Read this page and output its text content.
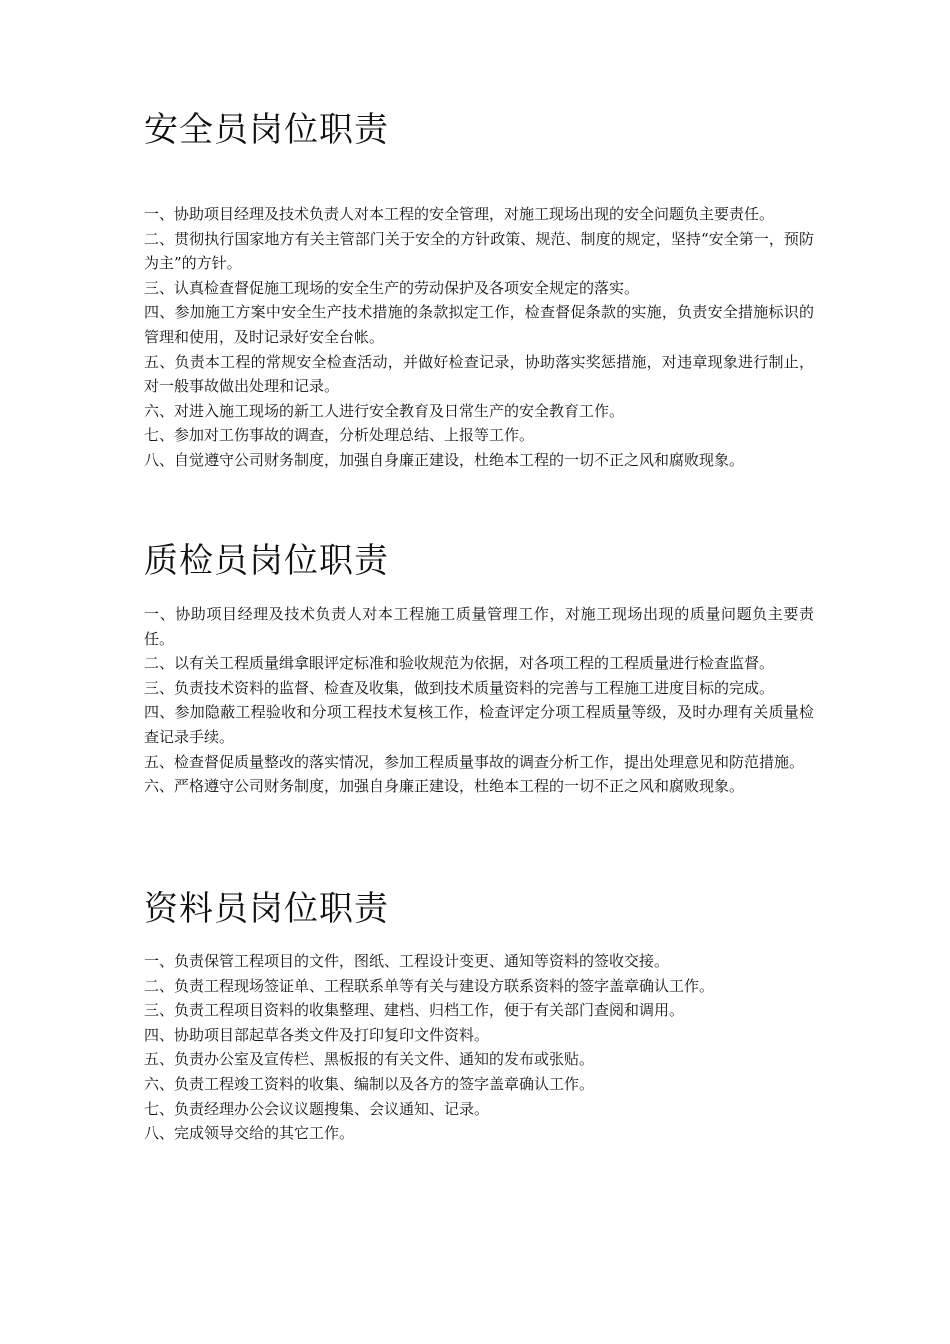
安全员岗位职责
一、协助项目经理及技术负责人对本工程的安全管理，对施工现场出现的安全问题负主要责任。
二、贯彻执行国家地方有关主管部门关于安全的方针政策、规范、制度的规定，坚持“安全第一，预防为主”的方针。
三、认真检查督促施工现场的安全生产的劳动保护及各项安全规定的落实。
四、参加施工方案中安全生产技术措施的条款拟定工作，检查督促条款的实施，负责安全措施标识的管理和使用，及时记录好安全台帐。
五、负责本工程的常规安全检查活动，并做好检查记录，协助落实奖惩措施，对违章现象进行制止，对一般事故做出处理和记录。
六、对进入施工现场的新工人进行安全教育及日常生产的安全教育工作。
七、参加对工伤事故的调查，分析处理总结、上报等工作。
八、自觉遵守公司财务制度，加强自身廉正建设，杜绝本工程的一切不正之风和腐败现象。
质检员岗位职责
一、协助项目经理及技术负责人对本工程施工质量管理工作，对施工现场出现的质量问题负主要责任。
二、以有关工程质量缉拿眼评定标准和验收规范为依据，对各项工程的工程质量进行检查监督。
三、负责技术资料的监督、检查及收集，做到技术质量资料的完善与工程施工进度目标的完成。
四、参加隐蔽工程验收和分项工程技术复核工作，检查评定分项工程质量等级，及时办理有关质量检查记录手续。
五、检查督促质量整改的落实情况，参加工程质量事故的调查分析工作，提出处理意见和防范措施。
六、严格遵守公司财务制度，加强自身廉正建设，杜绝本工程的一切不正之风和腐败现象。
资料员岗位职责
一、负责保管工程项目的文件，图纸、工程设计变更、通知等资料的签收交接。
二、负责工程现场签证单、工程联系单等有关与建设方联系资料的签字盖章确认工作。
三、负责工程项目资料的收集整理、建档、归档工作，便于有关部门查阅和调用。
四、协助项目部起草各类文件及打印复印文件资料。
五、负责办公室及宣传栏、黑板报的有关文件、通知的发布或张贴。
六、负责工程竣工资料的收集、编制以及各方的签字盖章确认工作。
七、负责经理办公会议议题搜集、会议通知、记录。
八、完成领导交给的其它工作。
